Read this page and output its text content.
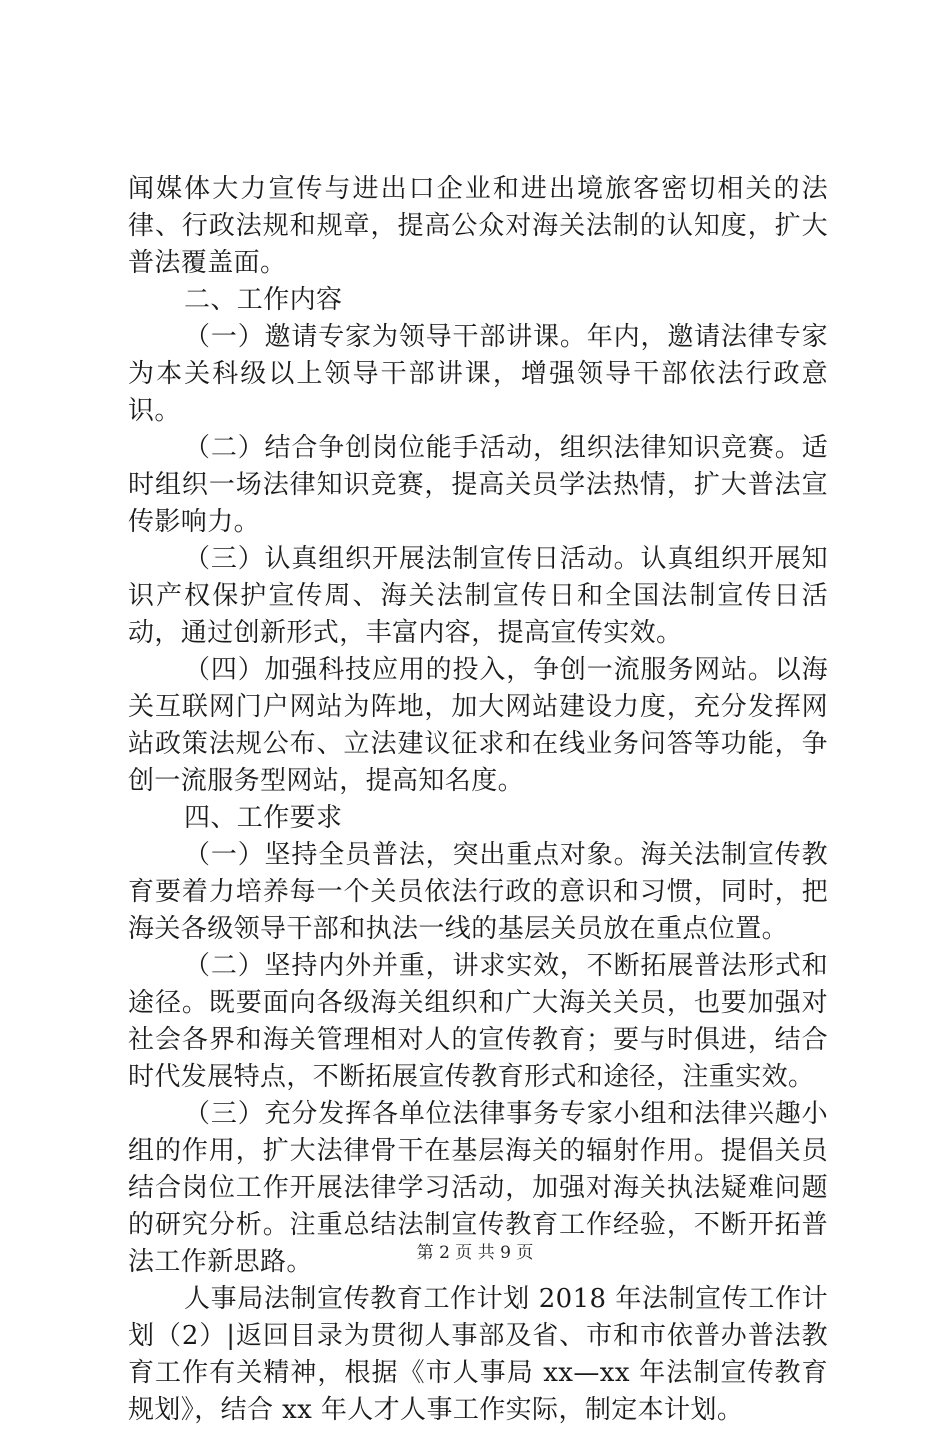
闻媒体大力宣传与进出口企业和进出境旅客密切相关的法律、行政法规和规章，提高公众对海关法制的认知度，扩大普法覆盖面。

二、工作内容

（一）邀请专家为领导干部讲课。年内，邀请法律专家为本关科级以上领导干部讲课，增强领导干部依法行政意识。

（二）结合争创岗位能手活动，组织法律知识竞赛。适时组织一场法律知识竞赛，提高关员学法热情，扩大普法宣传影响力。

（三）认真组织开展法制宣传日活动。认真组织开展知识产权保护宣传周、海关法制宣传日和全国法制宣传日活动，通过创新形式，丰富内容，提高宣传实效。

（四）加强科技应用的投入，争创一流服务网站。以海关互联网门户网站为阵地，加大网站建设力度，充分发挥网站政策法规公布、立法建议征求和在线业务问答等功能，争创一流服务型网站，提高知名度。

四、工作要求

（一）坚持全员普法，突出重点对象。海关法制宣传教育要着力培养每一个关员依法行政的意识和习惯，同时，把海关各级领导干部和执法一线的基层关员放在重点位置。

（二）坚持内外并重，讲求实效，不断拓展普法形式和途径。既要面向各级海关组织和广大海关关员，也要加强对社会各界和海关管理相对人的宣传教育；要与时俱进，结合时代发展特点，不断拓展宣传教育形式和途径，注重实效。

（三）充分发挥各单位法律事务专家小组和法律兴趣小组的作用，扩大法律骨干在基层海关的辐射作用。提倡关员结合岗位工作开展法律学习活动，加强对海关执法疑难问题的研究分析。注重总结法制宣传教育工作经验，不断开拓普法工作新思路。

人事局法制宣传教育工作计划 2018 年法制宣传工作计划（2）|返回目录为贯彻人事部及省、市和市依普办普法教育工作有关精神，根据《市人事局 xx—xx 年法制宣传教育规划》，结合 xx 年人才人事工作实际，制定本计划。

第 2 页 共 9 页
